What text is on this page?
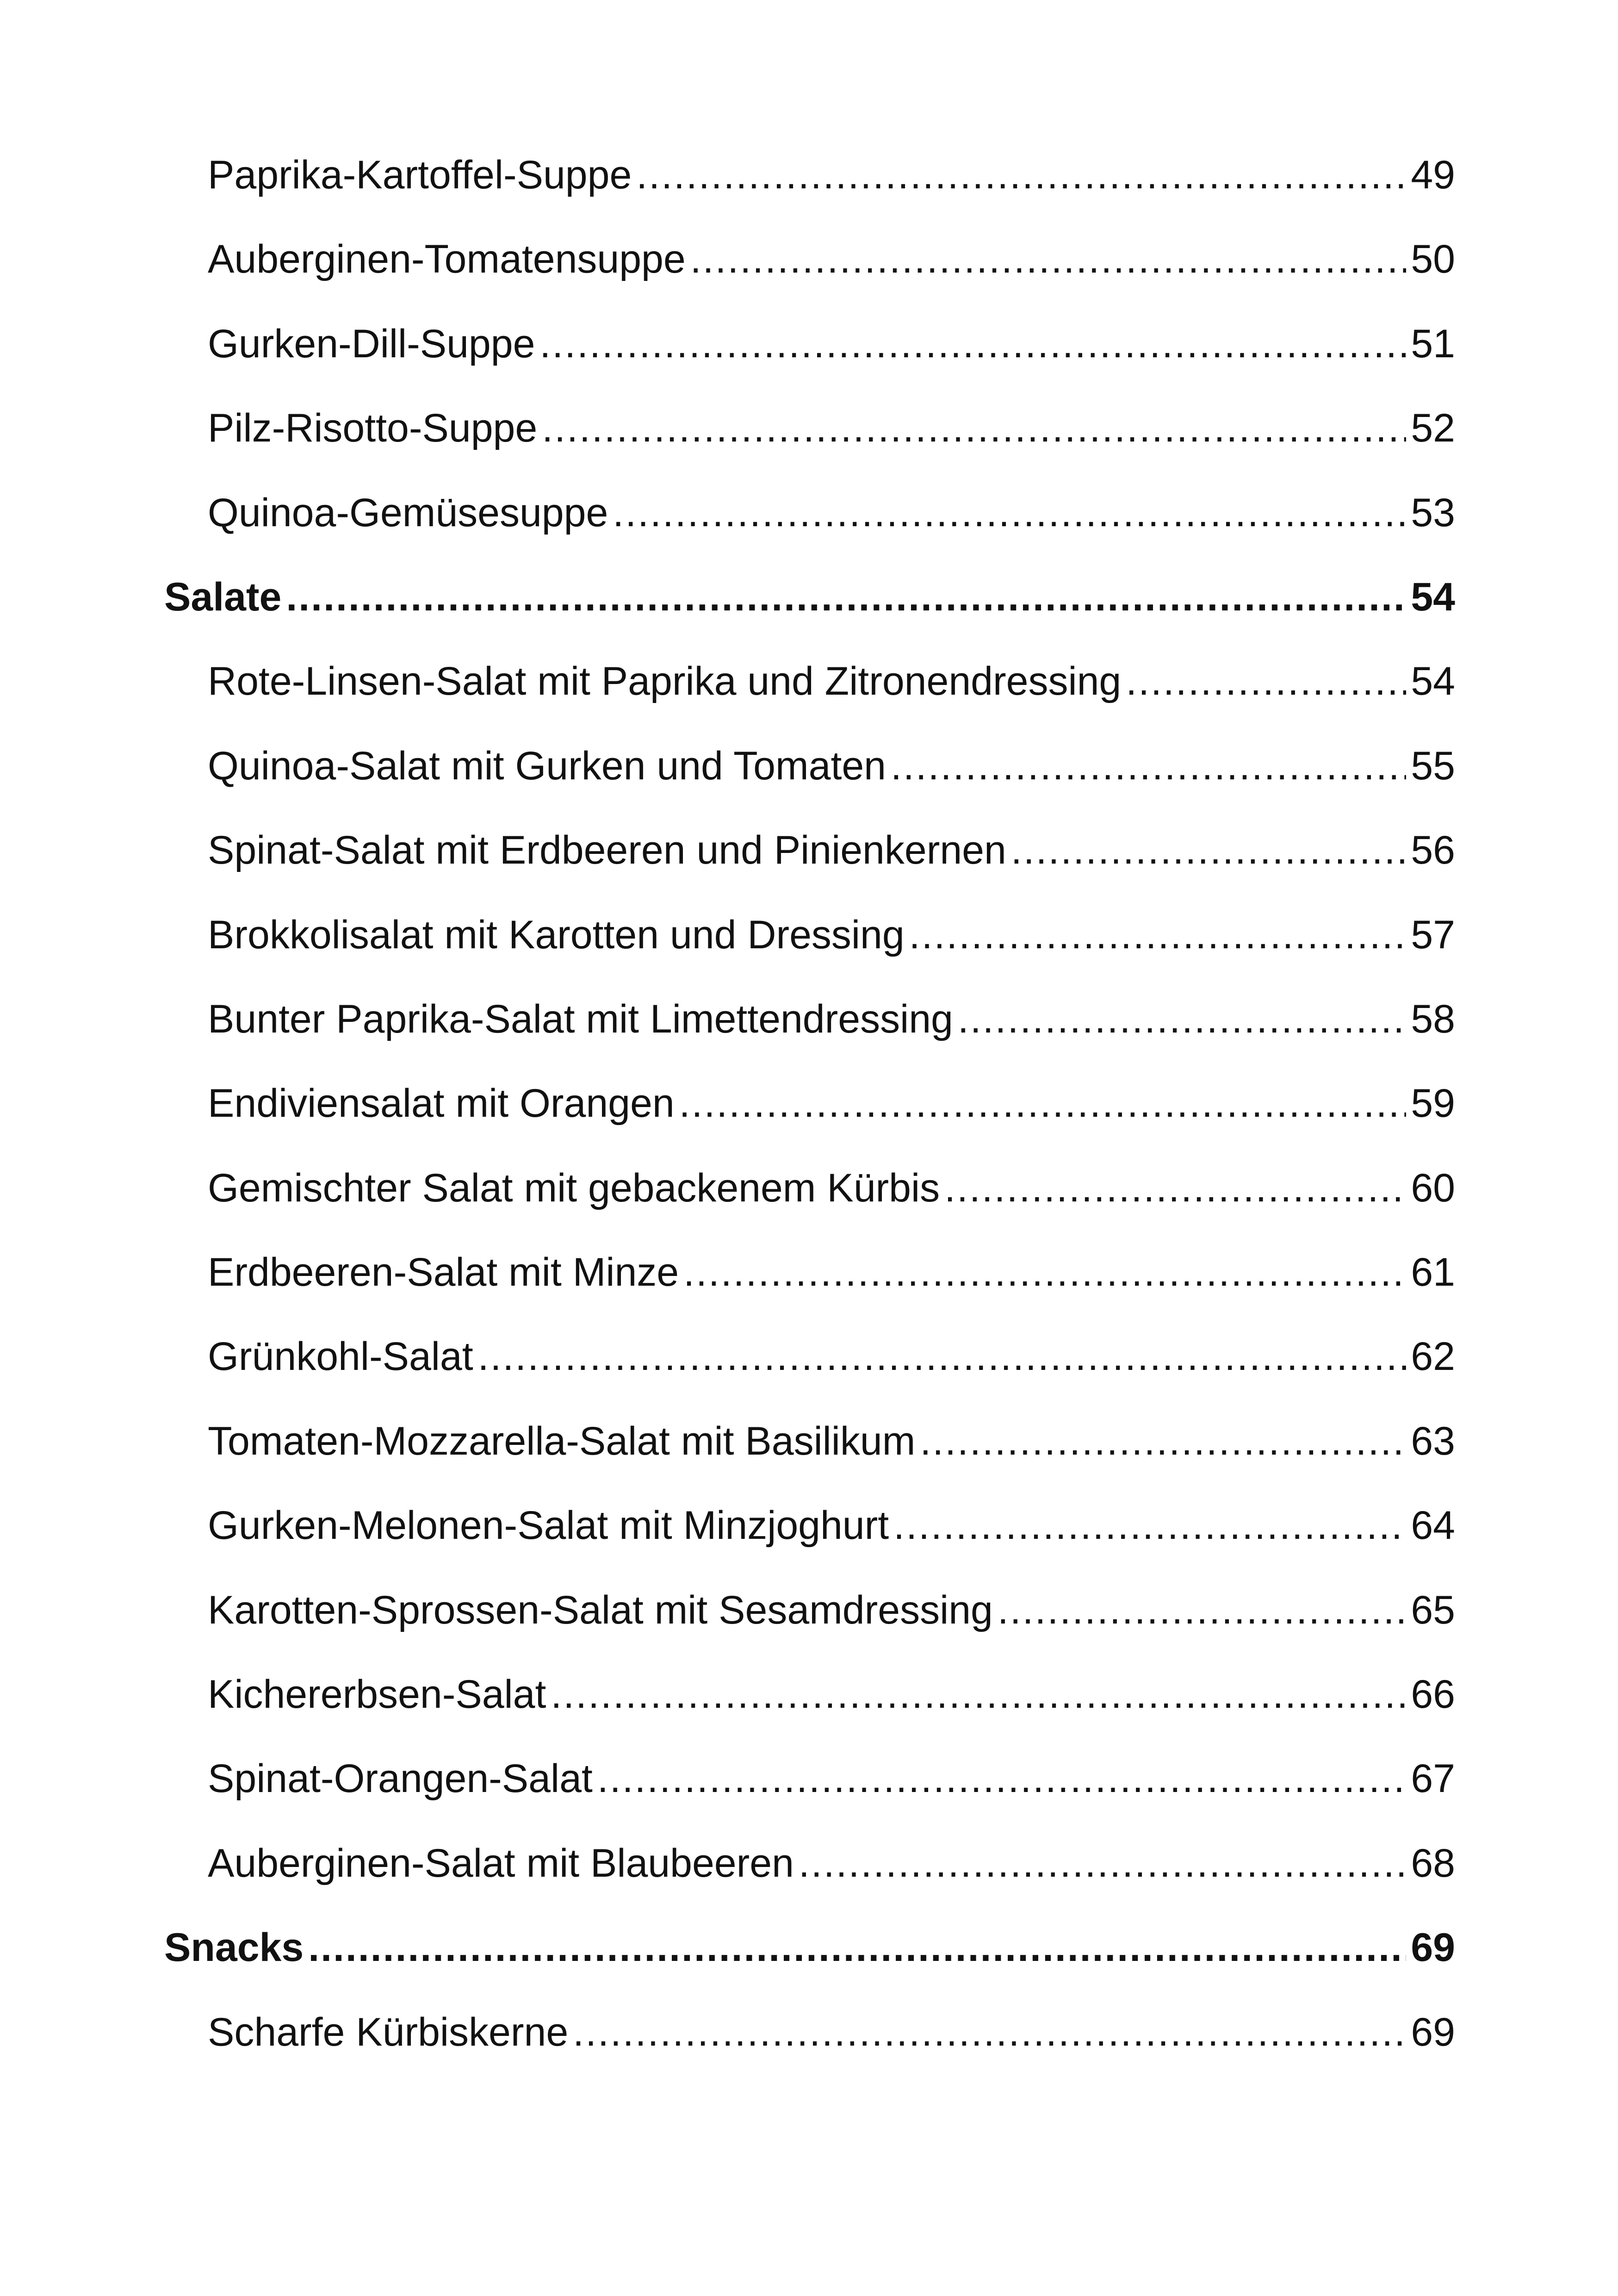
Paprika-Kartoffel-Suppe .....	49
Auberginen-Tomatensuppe .....	50
Gurken-Dill-Suppe .....	51
Pilz-Risotto-Suppe .....	52
Quinoa-Gemüsesuppe .....	53
Salate .....	54
Rote-Linsen-Salat mit Paprika und Zitronendressing .....	54
Quinoa-Salat mit Gurken und Tomaten .....	55
Spinat-Salat mit Erdbeeren und Pinienkernen .....	56
Brokkolisalat mit Karotten und Dressing .....	57
Bunter Paprika-Salat mit Limettendressing .....	58
Endiviensalat mit Orangen .....	59
Gemischter Salat mit gebackenem Kürbis .....	60
Erdbeeren-Salat mit Minze .....	61
Grünkohl-Salat .....	62
Tomaten-Mozzarella-Salat mit Basilikum .....	63
Gurken-Melonen-Salat mit Minzjoghurt .....	64
Karotten-Sprossen-Salat mit Sesamdressing .....	65
Kichererbsen-Salat .....	66
Spinat-Orangen-Salat .....	67
Auberginen-Salat mit Blaubeeren .....	68
Snacks .....	69
Scharfe Kürbiskerne .....	69
